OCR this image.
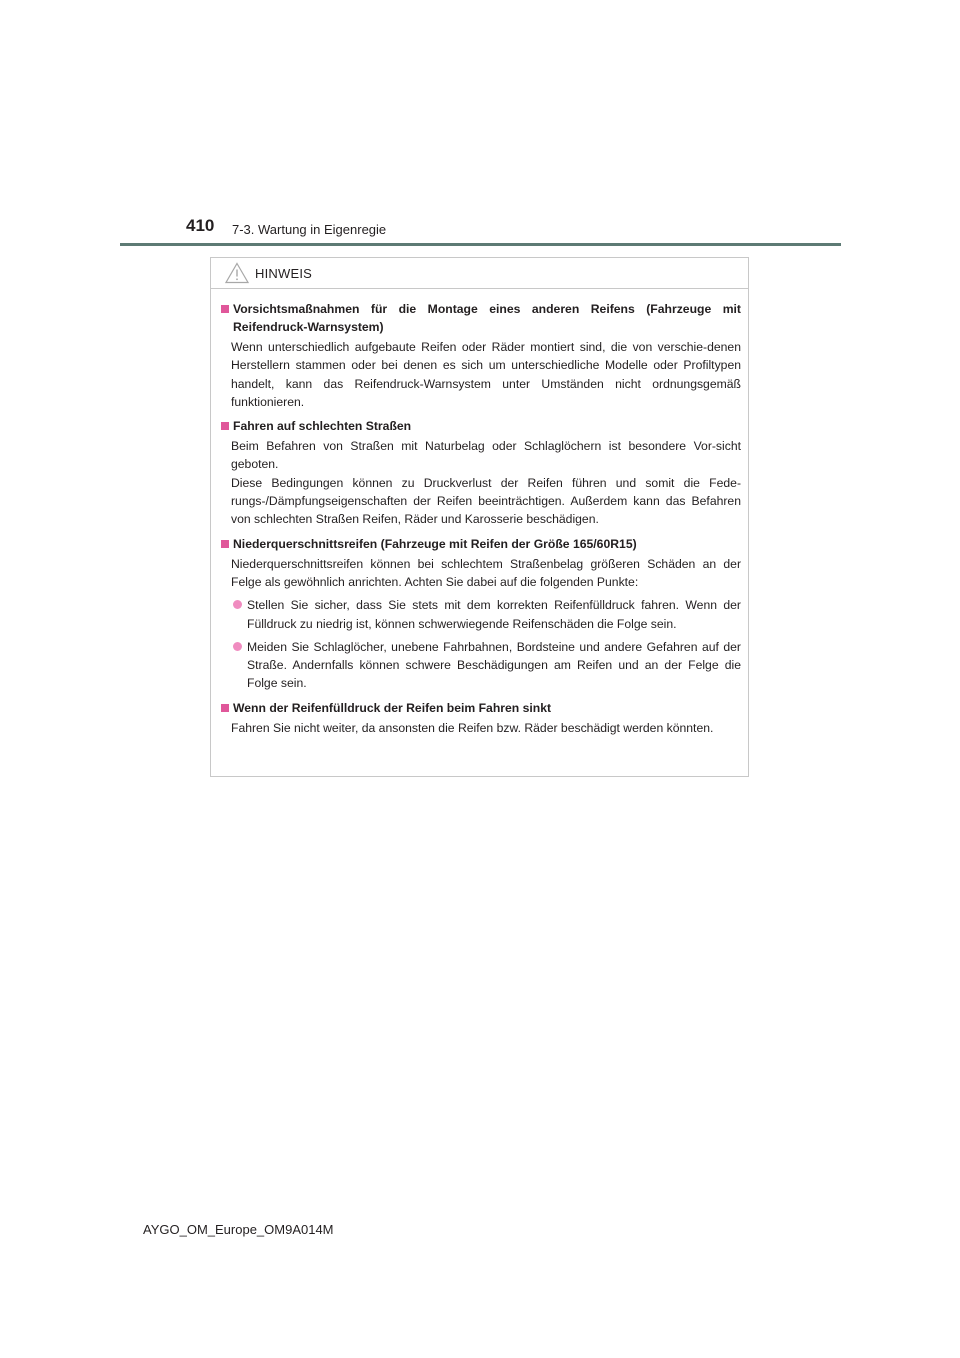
410 7-3. Wartung in Eigenregie
HINWEIS
Vorsichtsmaßnahmen für die Montage eines anderen Reifens (Fahrzeuge mit Reifendruck-Warnsystem)
Wenn unterschiedlich aufgebaute Reifen oder Räder montiert sind, die von verschie-denen Herstellern stammen oder bei denen es sich um unterschiedliche Modelle oder Profiltypen handelt, kann das Reifendruck-Warnsystem unter Umständen nicht ordnungsgemäß funktionieren.
Fahren auf schlechten Straßen
Beim Befahren von Straßen mit Naturbelag oder Schlaglöchern ist besondere Vor-sicht geboten.
Diese Bedingungen können zu Druckverlust der Reifen führen und somit die Fede-rungs-/Dämpfungseigenschaften der Reifen beeinträchtigen. Außerdem kann das Befahren von schlechten Straßen Reifen, Räder und Karosserie beschädigen.
Niederquerschnittsreifen (Fahrzeuge mit Reifen der Größe 165/60R15)
Niederquerschnittsreifen können bei schlechtem Straßenbelag größeren Schäden an der Felge als gewöhnlich anrichten. Achten Sie dabei auf die folgenden Punkte:
Stellen Sie sicher, dass Sie stets mit dem korrekten Reifenfülldruck fahren. Wenn der Fülldruck zu niedrig ist, können schwerwiegende Reifenschäden die Folge sein.
Meiden Sie Schlaglöcher, unebene Fahrbahnen, Bordsteine und andere Gefahren auf der Straße. Andernfalls können schwere Beschädigungen am Reifen und an der Felge die Folge sein.
Wenn der Reifenfülldruck der Reifen beim Fahren sinkt
Fahren Sie nicht weiter, da ansonsten die Reifen bzw. Räder beschädigt werden könnten.
AYGO_OM_Europe_OM9A014M
